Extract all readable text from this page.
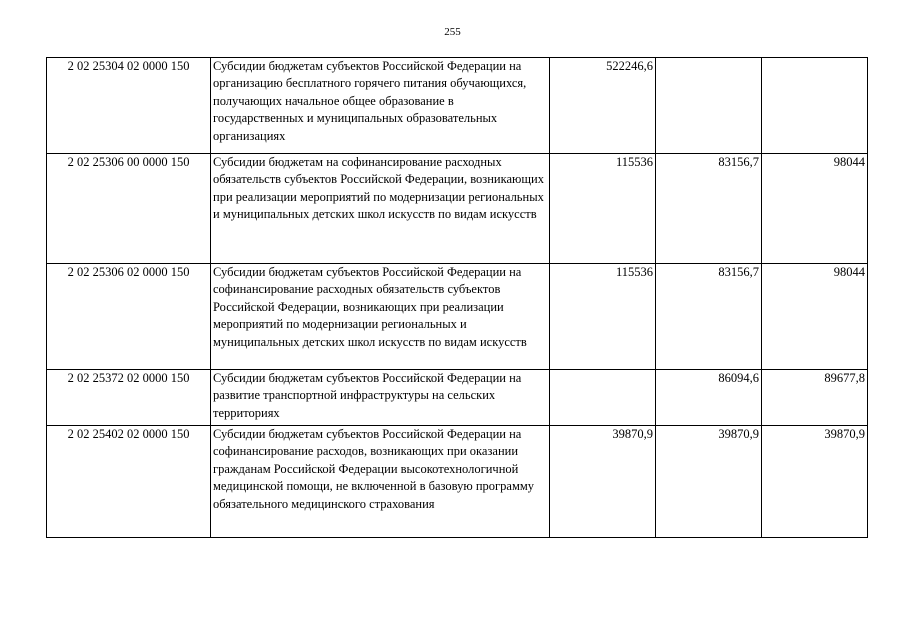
255
2 02 25304 02 0000 150	Субсидии бюджетам субъектов Российской Федерации на организацию бесплатного горячего питания обучающихся, получающих начальное общее образование в государственных и муниципальных образовательных организациях	522246,6		
2 02 25306 00 0000 150	Субсидии бюджетам на софинансирование расходных обязательств субъектов Российской Федерации, возникающих при реализации мероприятий по модернизации региональных и муниципальных детских школ искусств по видам искусств	115536	83156,7	98044
2 02 25306 02 0000 150	Субсидии бюджетам субъектов Российской Федерации на софинансирование расходных обязательств субъектов Российской Федерации, возникающих при реализации мероприятий по модернизации региональных и муниципальных детских школ искусств по видам искусств	115536	83156,7	98044
2 02 25372 02 0000 150	Субсидии бюджетам субъектов Российской Федерации на развитие транспортной инфраструктуры на сельских территориях		86094,6	89677,8
2 02 25402 02 0000 150	Субсидии бюджетам субъектов Российской Федерации на софинансирование расходов, возникающих при оказании гражданам Российской Федерации высокотехнологичной медицинской помощи, не включенной в базовую программу обязательного медицинского страхования	39870,9	39870,9	39870,9
